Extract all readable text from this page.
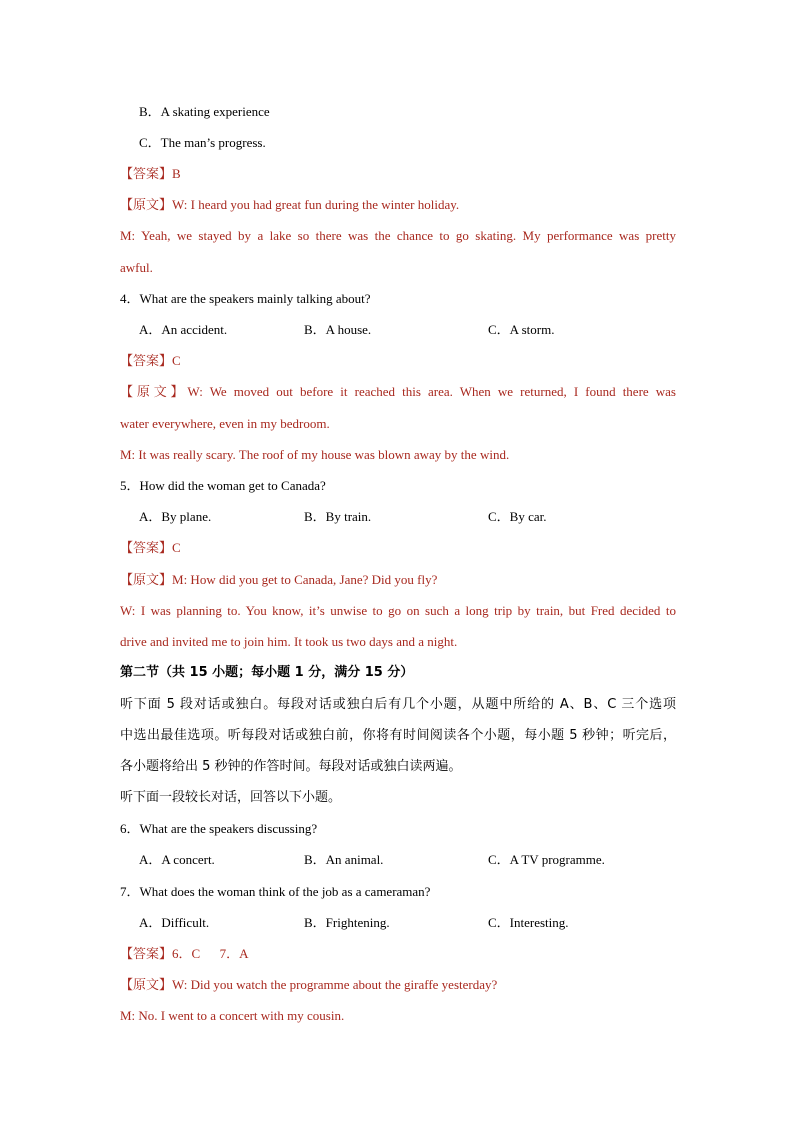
B．A skating experience
C．The man’s progress.
【答案】B
【原文】W: I heard you had great fun during the winter holiday.
M: Yeah, we stayed by a lake so there was the chance to go skating. My performance was pretty
awful.
4．What are the speakers mainly talking about?
A．An accident.	B．A house.	C．A storm.
【答案】C
【原文】W: We moved out before it reached this area. When we returned, I found there was
water everywhere, even in my bedroom.
M: It was really scary. The roof of my house was blown away by the wind.
5．How did the woman get to Canada?
A．By plane.	B．By train.	C．By car.
【答案】C
【原文】M: How did you get to Canada, Jane? Did you fly?
W: I was planning to. You know, it’s unwise to go on such a long trip by train, but Fred decided to
drive and invited me to join him. It took us two days and a night.
第二节（共 15 小题；每小题 1 分，满分 15 分）
听下面 5 段对话或独白。每段对话或独白后有几个小题，从题中所给的 A、B、C 三个选项
中选出最佳选项。听每段对话或独白前，你将有时间阅读各个小题，每小题 5 秒钟；听完后，
各小题将给出 5 秒钟的作答时间。每段对话或独白读两遍。
听下面一段较长对话，回答以下小题。
6．What are the speakers discussing?
A．A concert.	B．An animal.	C．A TV programme.
7．What does the woman think of the job as a cameraman?
A．Difficult.	B．Frightening.	C．Interesting.
【答案】6．C      7．A
【原文】W: Did you watch the programme about the giraffe yesterday?
M: No. I went to a concert with my cousin.
